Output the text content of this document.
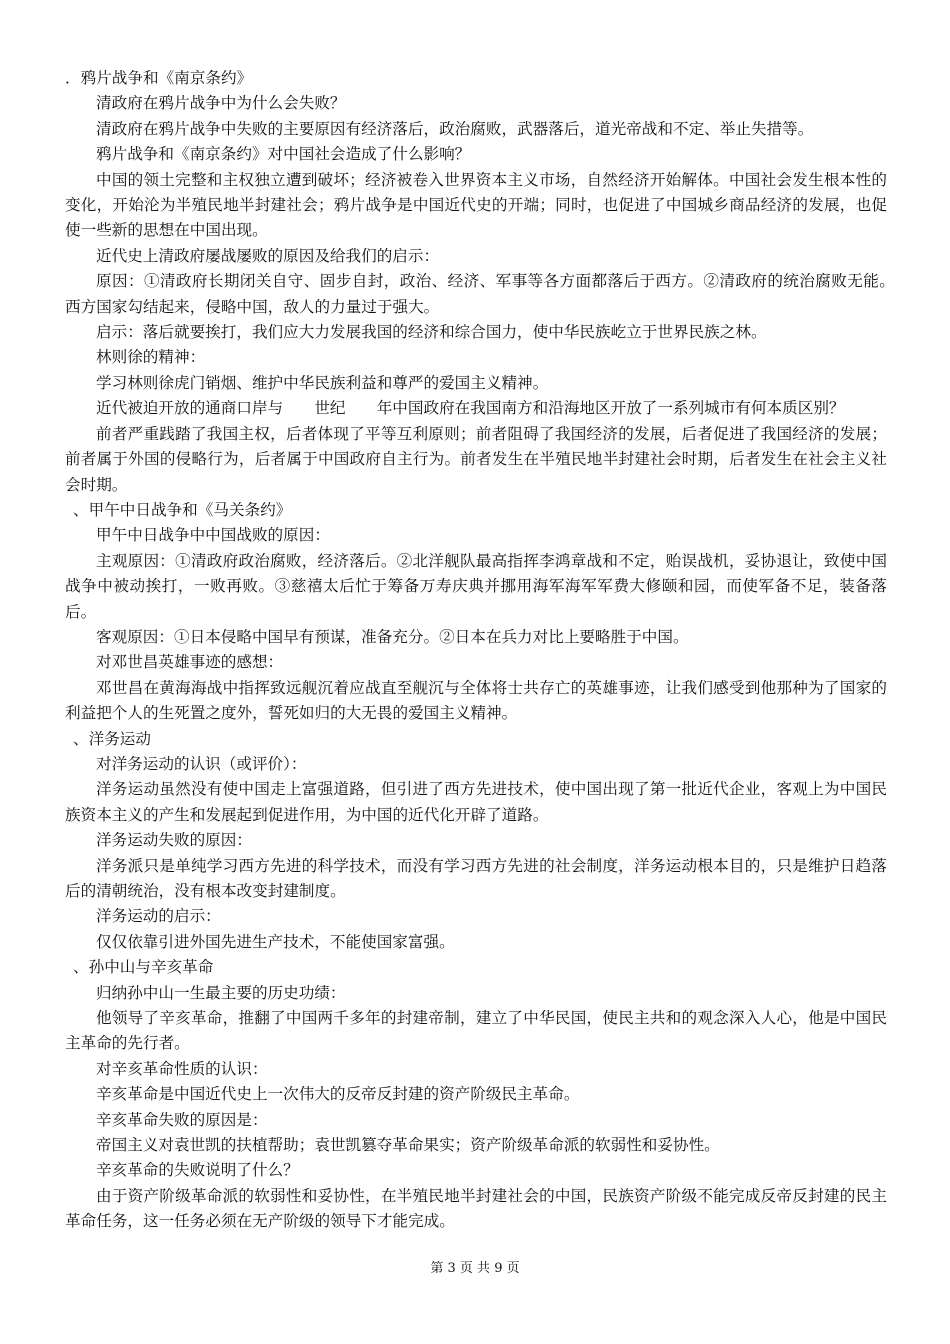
．鸦片战争和《南京条约》

清政府在鸦片战争中为什么会失败？

清政府在鸦片战争中失败的主要原因有经济落后，政治腐败，武器落后，道光帝战和不定、举止失措等。

鸦片战争和《南京条约》对中国社会造成了什么影响？

中国的领土完整和主权独立遭到破坏；经济被卷入世界资本主义市场，自然经济开始解体。中国社会发生根本性的变化，开始沦为半殖民地半封建社会；鸦片战争是中国近代史的开端；同时，也促进了中国城乡商品经济的发展，也促使一些新的思想在中国出现。

近代史上清政府屡战屡败的原因及给我们的启示：

原因：①清政府长期闭关自守、固步自封，政治、经济、军事等各方面都落后于西方。②清政府的统治腐败无能。　西方国家勾结起来，侵略中国，敌人的力量过于强大。

启示：落后就要挨打，我们应大力发展我国的经济和综合国力，使中华民族屹立于世界民族之林。

林则徐的精神：

学习林则徐虎门销烟、维护中华民族利益和尊严的爱国主义精神。

近代被迫开放的通商口岸与　　世纪　　年中国政府在我国南方和沿海地区开放了一系列城市有何本质区别？

前者严重践踏了我国主权，后者体现了平等互利原则；前者阻碍了我国经济的发展，后者促进了我国经济的发展；前者属于外国的侵略行为，后者属于中国政府自主行为。前者发生在半殖民地半封建社会时期，后者发生在社会主义社会时期。

、甲午中日战争和《马关条约》

甲午中日战争中中国战败的原因：

主观原因：①清政府政治腐败，经济落后。②北洋舰队最高指挥李鸿章战和不定，贻误战机，妥协退让，致使中国战争中被动挨打，一败再败。③慈禧太后忙于筹备万寿庆典并挪用海军海军军费大修颐和园，而使军备不足，装备落后。

客观原因：①日本侵略中国早有预谋，准备充分。②日本在兵力对比上要略胜于中国。

对邓世昌英雄事迹的感想：

邓世昌在黄海海战中指挥致远舰沉着应战直至舰沉与全体将士共存亡的英雄事迹，让我们感受到他那种为了国家的利益把个人的生死置之度外，誓死如归的大无畏的爱国主义精神。

、洋务运动

对洋务运动的认识（或评价）：

洋务运动虽然没有使中国走上富强道路，但引进了西方先进技术，使中国出现了第一批近代企业，客观上为中国民族资本主义的产生和发展起到促进作用，为中国的近代化开辟了道路。

洋务运动失败的原因：

洋务派只是单纯学习西方先进的科学技术，而没有学习西方先进的社会制度，洋务运动根本目的，只是维护日趋落后的清朝统治，没有根本改变封建制度。

洋务运动的启示：

仅仅依靠引进外国先进生产技术，不能使国家富强。

、孙中山与辛亥革命

归纳孙中山一生最主要的历史功绩：

他领导了辛亥革命，推翻了中国两千多年的封建帝制，建立了中华民国，使民主共和的观念深入人心，他是中国民主革命的先行者。

对辛亥革命性质的认识：

辛亥革命是中国近代史上一次伟大的反帝反封建的资产阶级民主革命。

辛亥革命失败的原因是：

帝国主义对袁世凯的扶植帮助；袁世凯篡夺革命果实；资产阶级革命派的软弱性和妥协性。

辛亥革命的失败说明了什么？

由于资产阶级革命派的软弱性和妥协性，在半殖民地半封建社会的中国，民族资产阶级不能完成反帝反封建的民主革命任务，这一任务必须在无产阶级的领导下才能完成。

第 3 页 共 9 页
